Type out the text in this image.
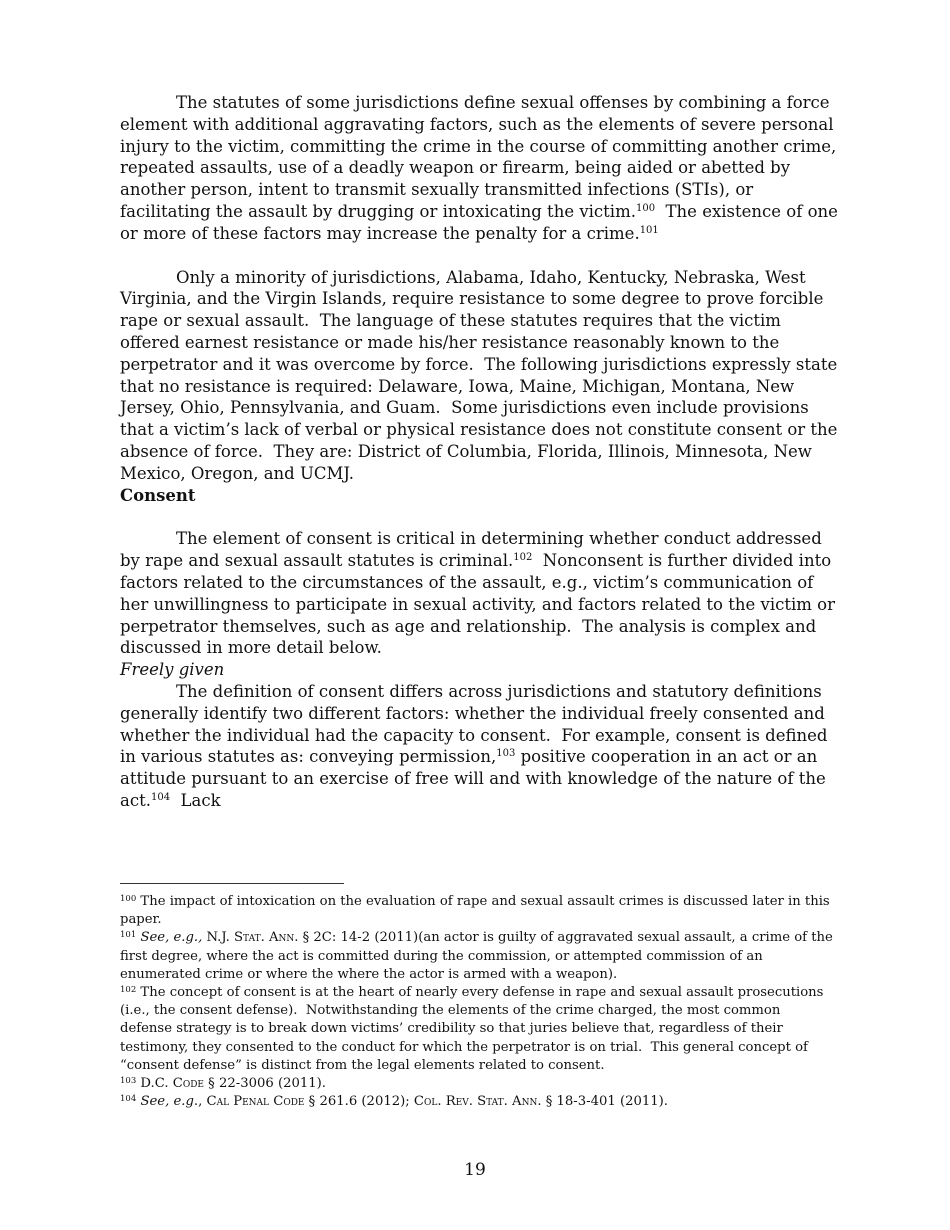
The statutes of some jurisdictions define sexual offenses by combining a force element with additional aggravating factors, such as the elements of severe personal injury to the victim, committing the crime in the course of committing another crime, repeated assaults, use of a deadly weapon or firearm, being aided or abetted by another person, intent to transmit sexually transmitted infections (STIs), or facilitating the assault by drugging or intoxicating the victim.$^{100}$  The existence of one or more of these factors may increase the penalty for a crime.$^{101}$

Only a minority of jurisdictions, Alabama, Idaho, Kentucky, Nebraska, West Virginia, and the Virgin Islands, require resistance to some degree to prove forcible rape or sexual assault.  The language of these statutes requires that the victim offered earnest resistance or made his/her resistance reasonably known to the perpetrator and it was overcome by force.  The following jurisdictions expressly state that no resistance is required: Delaware, Iowa, Maine, Michigan, Montana, New Jersey, Ohio, Pennsylvania, and Guam.  Some jurisdictions even include provisions that a victim’s lack of verbal or physical resistance does not constitute consent or the absence of force.  They are: District of Columbia, Florida, Illinois, Minnesota, New Mexico, Oregon, and UCMJ.

Consent

The element of consent is critical in determining whether conduct addressed by rape and sexual assault statutes is criminal.$^{102}$  Nonconsent is further divided into factors related to the circumstances of the assault, e.g., victim’s communication of her unwillingness to participate in sexual activity, and factors related to the victim or perpetrator themselves, such as age and relationship.  The analysis is complex and discussed in more detail below.

Freely given

The definition of consent differs across jurisdictions and statutory definitions generally identify two different factors: whether the individual freely consented and whether the individual had the capacity to consent.  For example, consent is defined in various statutes as: conveying permission,$^{103}$ positive cooperation in an act or an attitude pursuant to an exercise of free will and with knowledge of the nature of the act.$^{104}$  Lack

$^{100}$ The impact of intoxication on the evaluation of rape and sexual assault crimes is discussed later in this paper.

$^{101}$ See, e.g., N.J. Stat. Ann. § 2C: 14-2 (2011)(an actor is guilty of aggravated sexual assault, a crime of the first degree, where the act is committed during the commission, or attempted commission of an enumerated crime or where the where the actor is armed with a weapon).

$^{102}$ The concept of consent is at the heart of nearly every defense in rape and sexual assault prosecutions (i.e., the consent defense).  Notwithstanding the elements of the crime charged, the most common defense strategy is to break down victims’ credibility so that juries believe that, regardless of their testimony, they consented to the conduct for which the perpetrator is on trial.  This general concept of “consent defense” is distinct from the legal elements related to consent.

$^{103}$ D.C. Code § 22-3006 (2011).

$^{104}$ See, e.g., Cal Penal Code § 261.6 (2012); Col. Rev. Stat. Ann. § 18-3-401 (2011).

19
